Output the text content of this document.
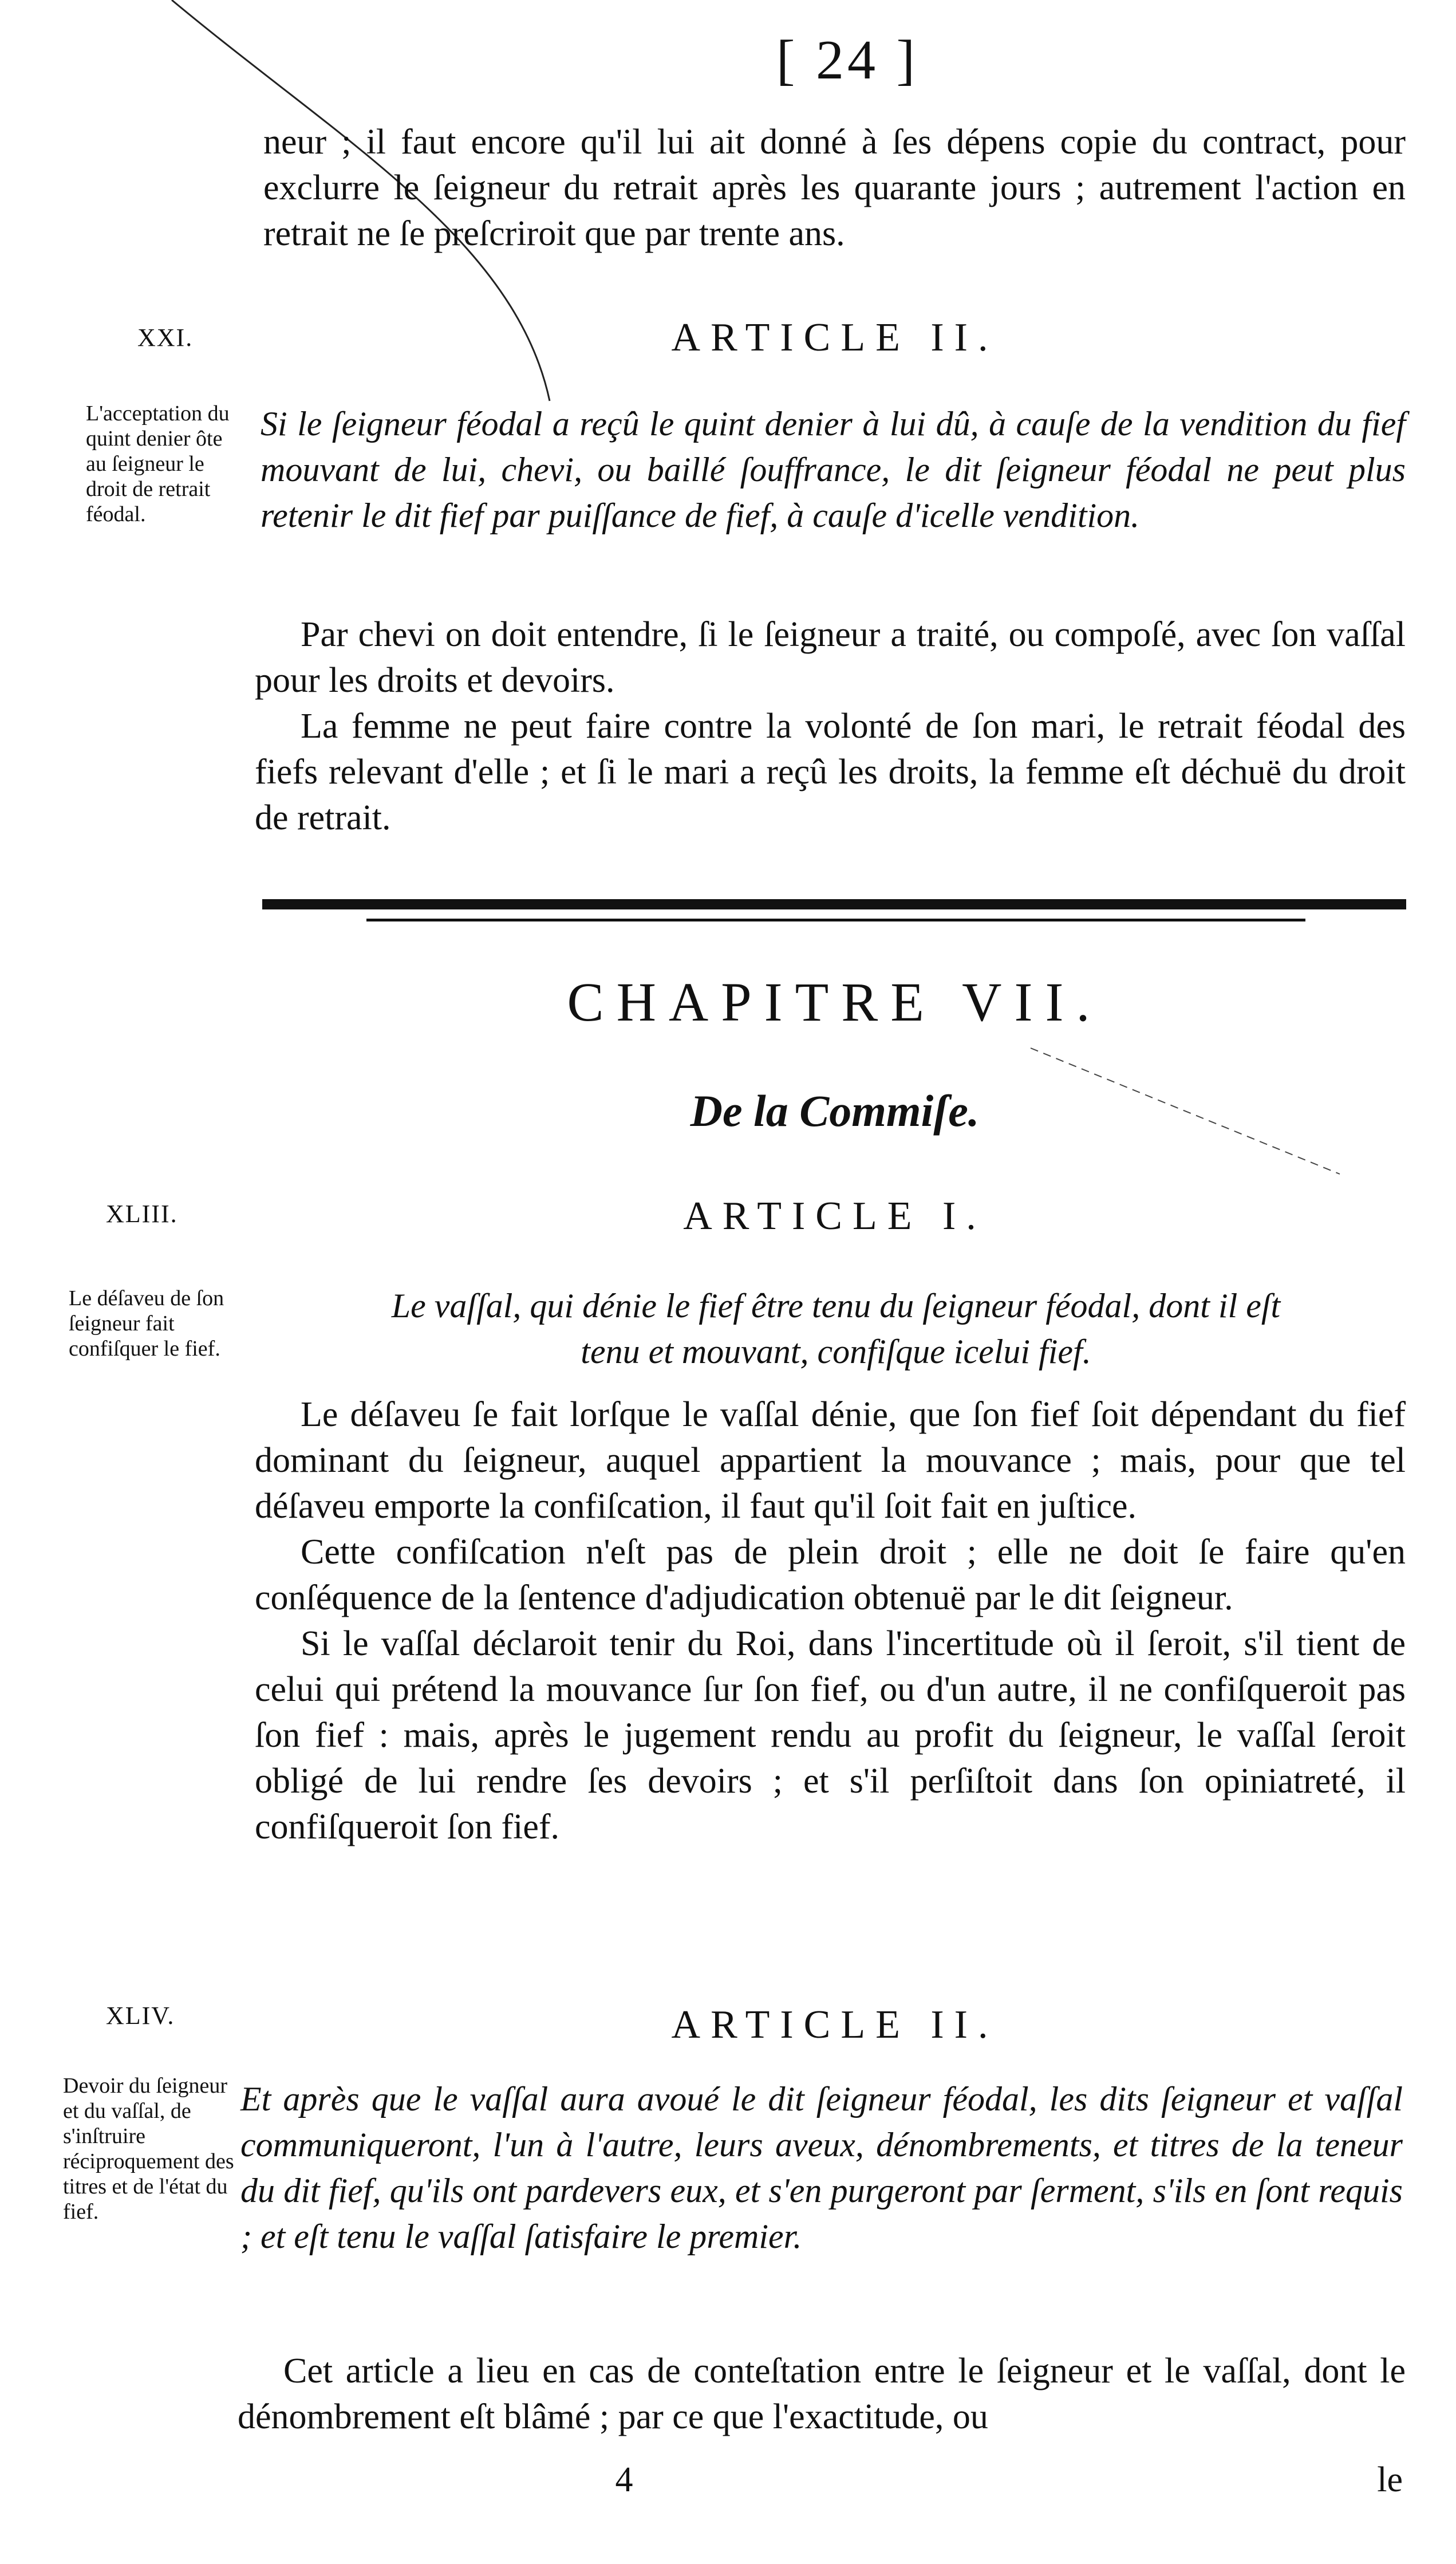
[ 24 ]

neur ; il faut encore qu'il lui ait donné à ſes dépens copie du contract, pour exclurre le ſeigneur du retrait après les quarante jours ; autrement l'action en retrait ne ſe preſcriroit que par trente ans.

XXI.	ARTICLE II.
L'acceptation du quint denier ôte au ſeigneur le droit de retrait féodal.

Si le ſeigneur féodal a reçû le quint denier à lui dû, à cauſe de la vendition du fief mouvant de lui, chevi, ou baillé ſouffrance, le dit ſeigneur féodal ne peut plus retenir le dit fief par puiſſance de fief, à cauſe d'icelle vendition.

Par chevi on doit entendre, ſi le ſeigneur a traité, ou compoſé, avec ſon vaſſal pour les droits et devoirs.

La femme ne peut faire contre la volonté de ſon mari, le retrait féodal des fiefs relevant d'elle ; et ſi le mari a reçû les droits, la femme eſt déchuë du droit de retrait.

CHAPITRE VII.
De la Commiſe.
XLIII.	ARTICLE I.
Le déſaveu de ſon ſeigneur fait confiſquer le fief.
Le vaſſal, qui dénie le fief être tenu du ſeigneur féodal, dont il eſt
tenu et mouvant, confiſque icelui fief.

Le déſaveu ſe fait lorſque le vaſſal dénie, que ſon fief ſoit dépendant du fief dominant du ſeigneur, auquel appartient la mouvance ; mais, pour que tel déſaveu emporte la confiſcation, il faut qu'il ſoit fait en juſtice.

Cette confiſcation n'eſt pas de plein droit ; elle ne doit ſe faire qu'en conſéquence de la ſentence d'adjudication obtenuë par le dit ſeigneur.

Si le vaſſal déclaroit tenir du Roi, dans l'incertitude où il ſeroit, s'il tient de celui qui prétend la mouvance ſur ſon fief, ou d'un autre, il ne confiſqueroit pas ſon fief : mais, après le jugement rendu au profit du ſeigneur, le vaſſal ſeroit obligé de lui rendre ſes devoirs ; et s'il perſiſtoit dans ſon opiniatreté, il confiſqueroit ſon fief.

XLIV.	ARTICLE II.
Devoir du ſeigneur et du vaſſal, de s'inſtruire réciproquement des titres et de l'état du fief.

Et après que le vaſſal aura avoué le dit ſeigneur féodal, les dits ſeigneur et vaſſal communiqueront, l'un à l'autre, leurs aveux, dénombrements, et titres de la teneur du dit fief, qu'ils ont pardevers eux, et s'en purgeront par ſerment, s'ils en ſont requis ; et eſt tenu le vaſſal ſatisfaire le premier.

Cet article a lieu en cas de conteſtation entre le ſeigneur et le vaſſal, dont le dénombrement eſt blâmé ; par ce que l'exactitude, ou

4	le
